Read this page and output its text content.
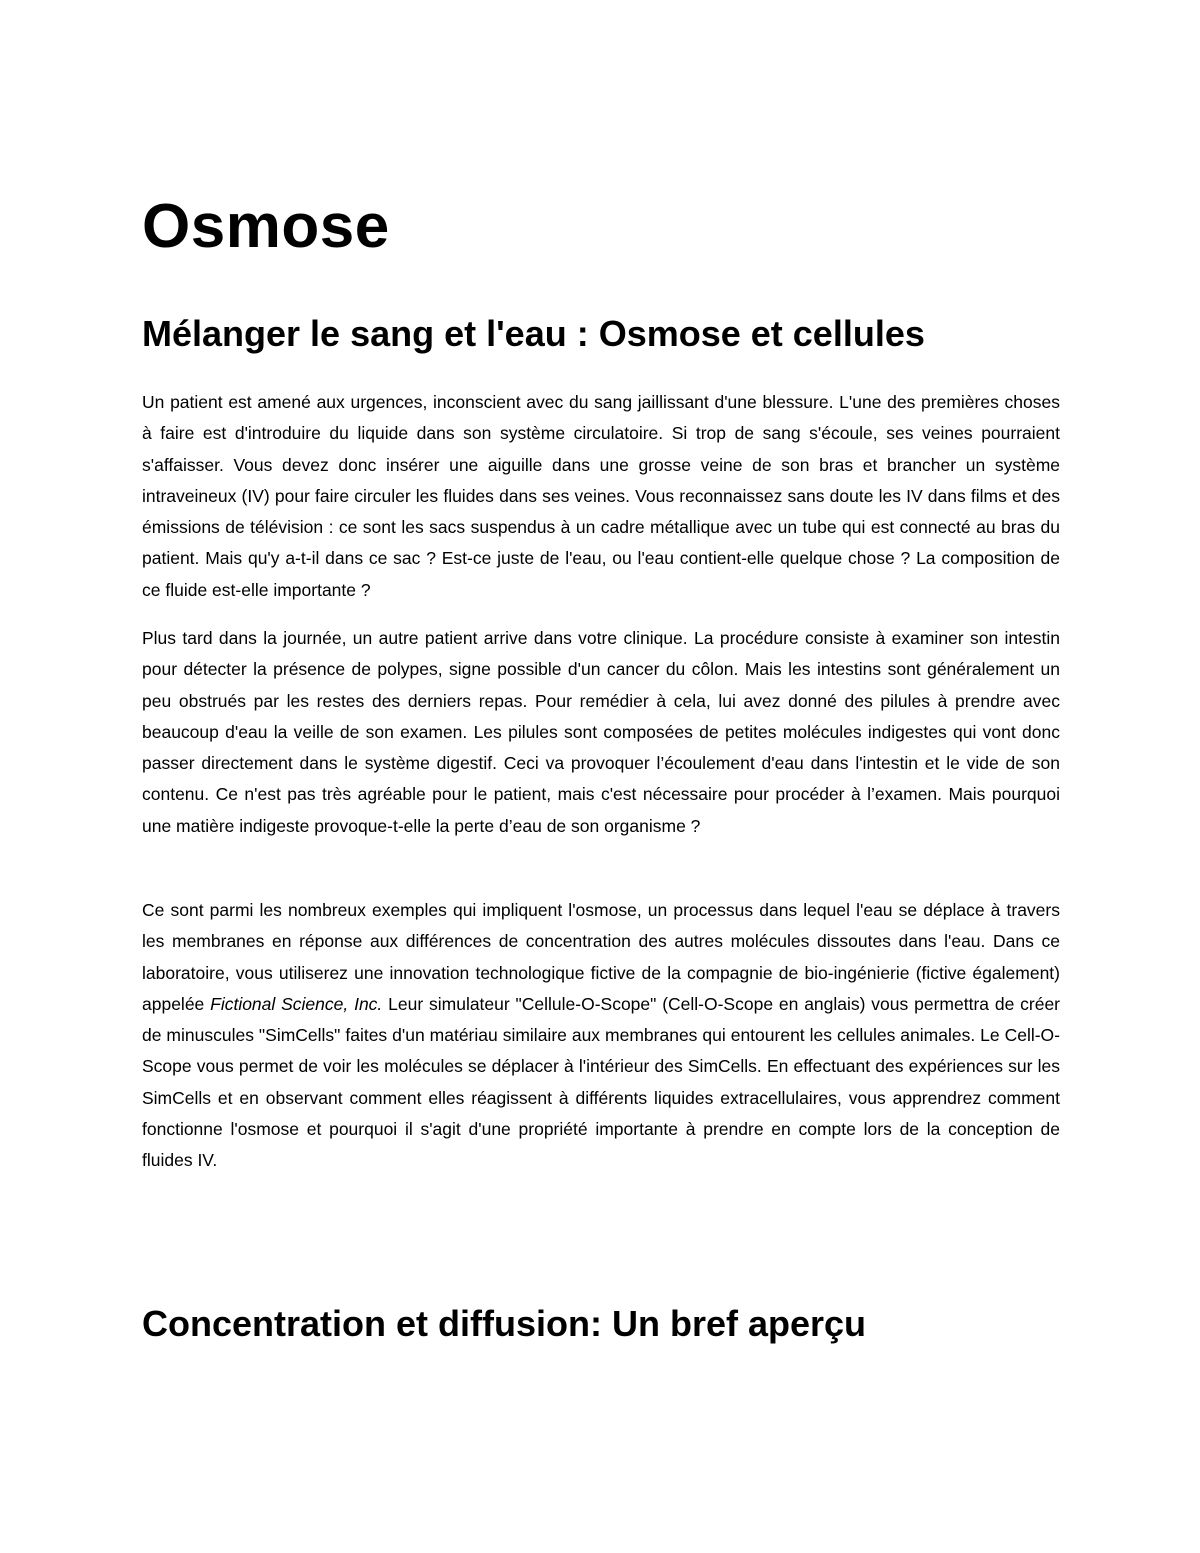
Osmose
Mélanger le sang et l'eau : Osmose et cellules

Un patient est amené aux urgences, inconscient avec du sang jaillissant d'une blessure. L'une des premières choses à faire est d'introduire du liquide dans son système circulatoire. Si trop de sang s'écoule, ses veines pourraient s'affaisser. Vous devez donc insérer une aiguille dans une grosse veine de son bras et brancher un système intraveineux (IV) pour faire circuler les fluides dans ses veines. Vous reconnaissez sans doute les IV dans films et des émissions de télévision : ce sont les sacs suspendus à un cadre métallique avec un tube qui est connecté au bras du patient. Mais qu'y a-t-il dans ce sac ? Est-ce juste de l'eau, ou l'eau contient-elle quelque chose ? La composition de ce fluide est-elle importante ?

Plus tard dans la journée, un autre patient arrive dans votre clinique. La procédure consiste à examiner son intestin pour détecter la présence de polypes, signe possible d'un cancer du côlon. Mais les intestins sont généralement un peu obstrués par les restes des derniers repas. Pour remédier à cela, lui avez donné des pilules à prendre avec beaucoup d'eau la veille de son examen. Les pilules sont composées de petites molécules indigestes qui vont donc passer directement dans le système digestif. Ceci va provoquer l’écoulement d'eau dans l'intestin et le vide de son contenu. Ce n'est pas très agréable pour le patient, mais c'est nécessaire pour procéder à l’examen. Mais pourquoi une matière indigeste provoque-t-elle la perte d’eau de son organisme ?

Ce sont parmi les nombreux exemples qui impliquent l'osmose, un processus dans lequel l'eau se déplace à travers les membranes en réponse aux différences de concentration des autres molécules dissoutes dans l'eau. Dans ce laboratoire, vous utiliserez une innovation technologique fictive de la compagnie de bio-ingénierie (fictive également) appelée Fictional Science, Inc. Leur simulateur "Cellule-O-Scope" (Cell-O-Scope en anglais) vous permettra de créer de minuscules "SimCells" faites d'un matériau similaire aux membranes qui entourent les cellules animales. Le Cell-O-Scope vous permet de voir les molécules se déplacer à l'intérieur des SimCells. En effectuant des expériences sur les SimCells et en observant comment elles réagissent à différents liquides extracellulaires, vous apprendrez comment fonctionne l'osmose et pourquoi il s'agit d'une propriété importante à prendre en compte lors de la conception de fluides IV.

Concentration et diffusion: Un bref aperçu
